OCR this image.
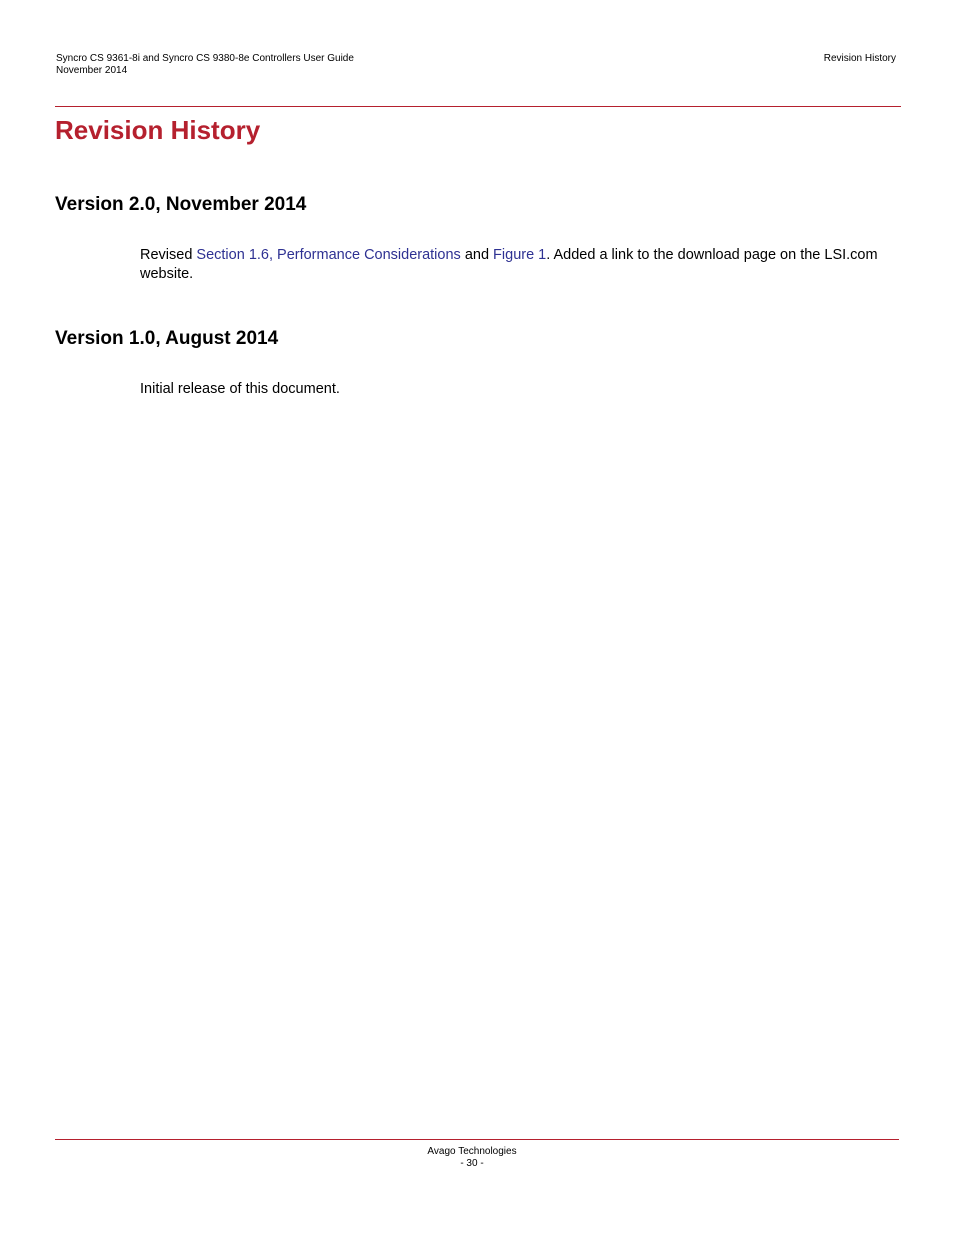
Syncro CS 9361-8i and Syncro CS 9380-8e Controllers User Guide
November 2014
Revision History
Revision History
Version 2.0, November 2014

Revised Section 1.6, Performance Considerations and Figure 1. Added a link to the download page on the LSI.com website.

Version 1.0, August 2014

Initial release of this document.

Avago Technologies
- 30 -
